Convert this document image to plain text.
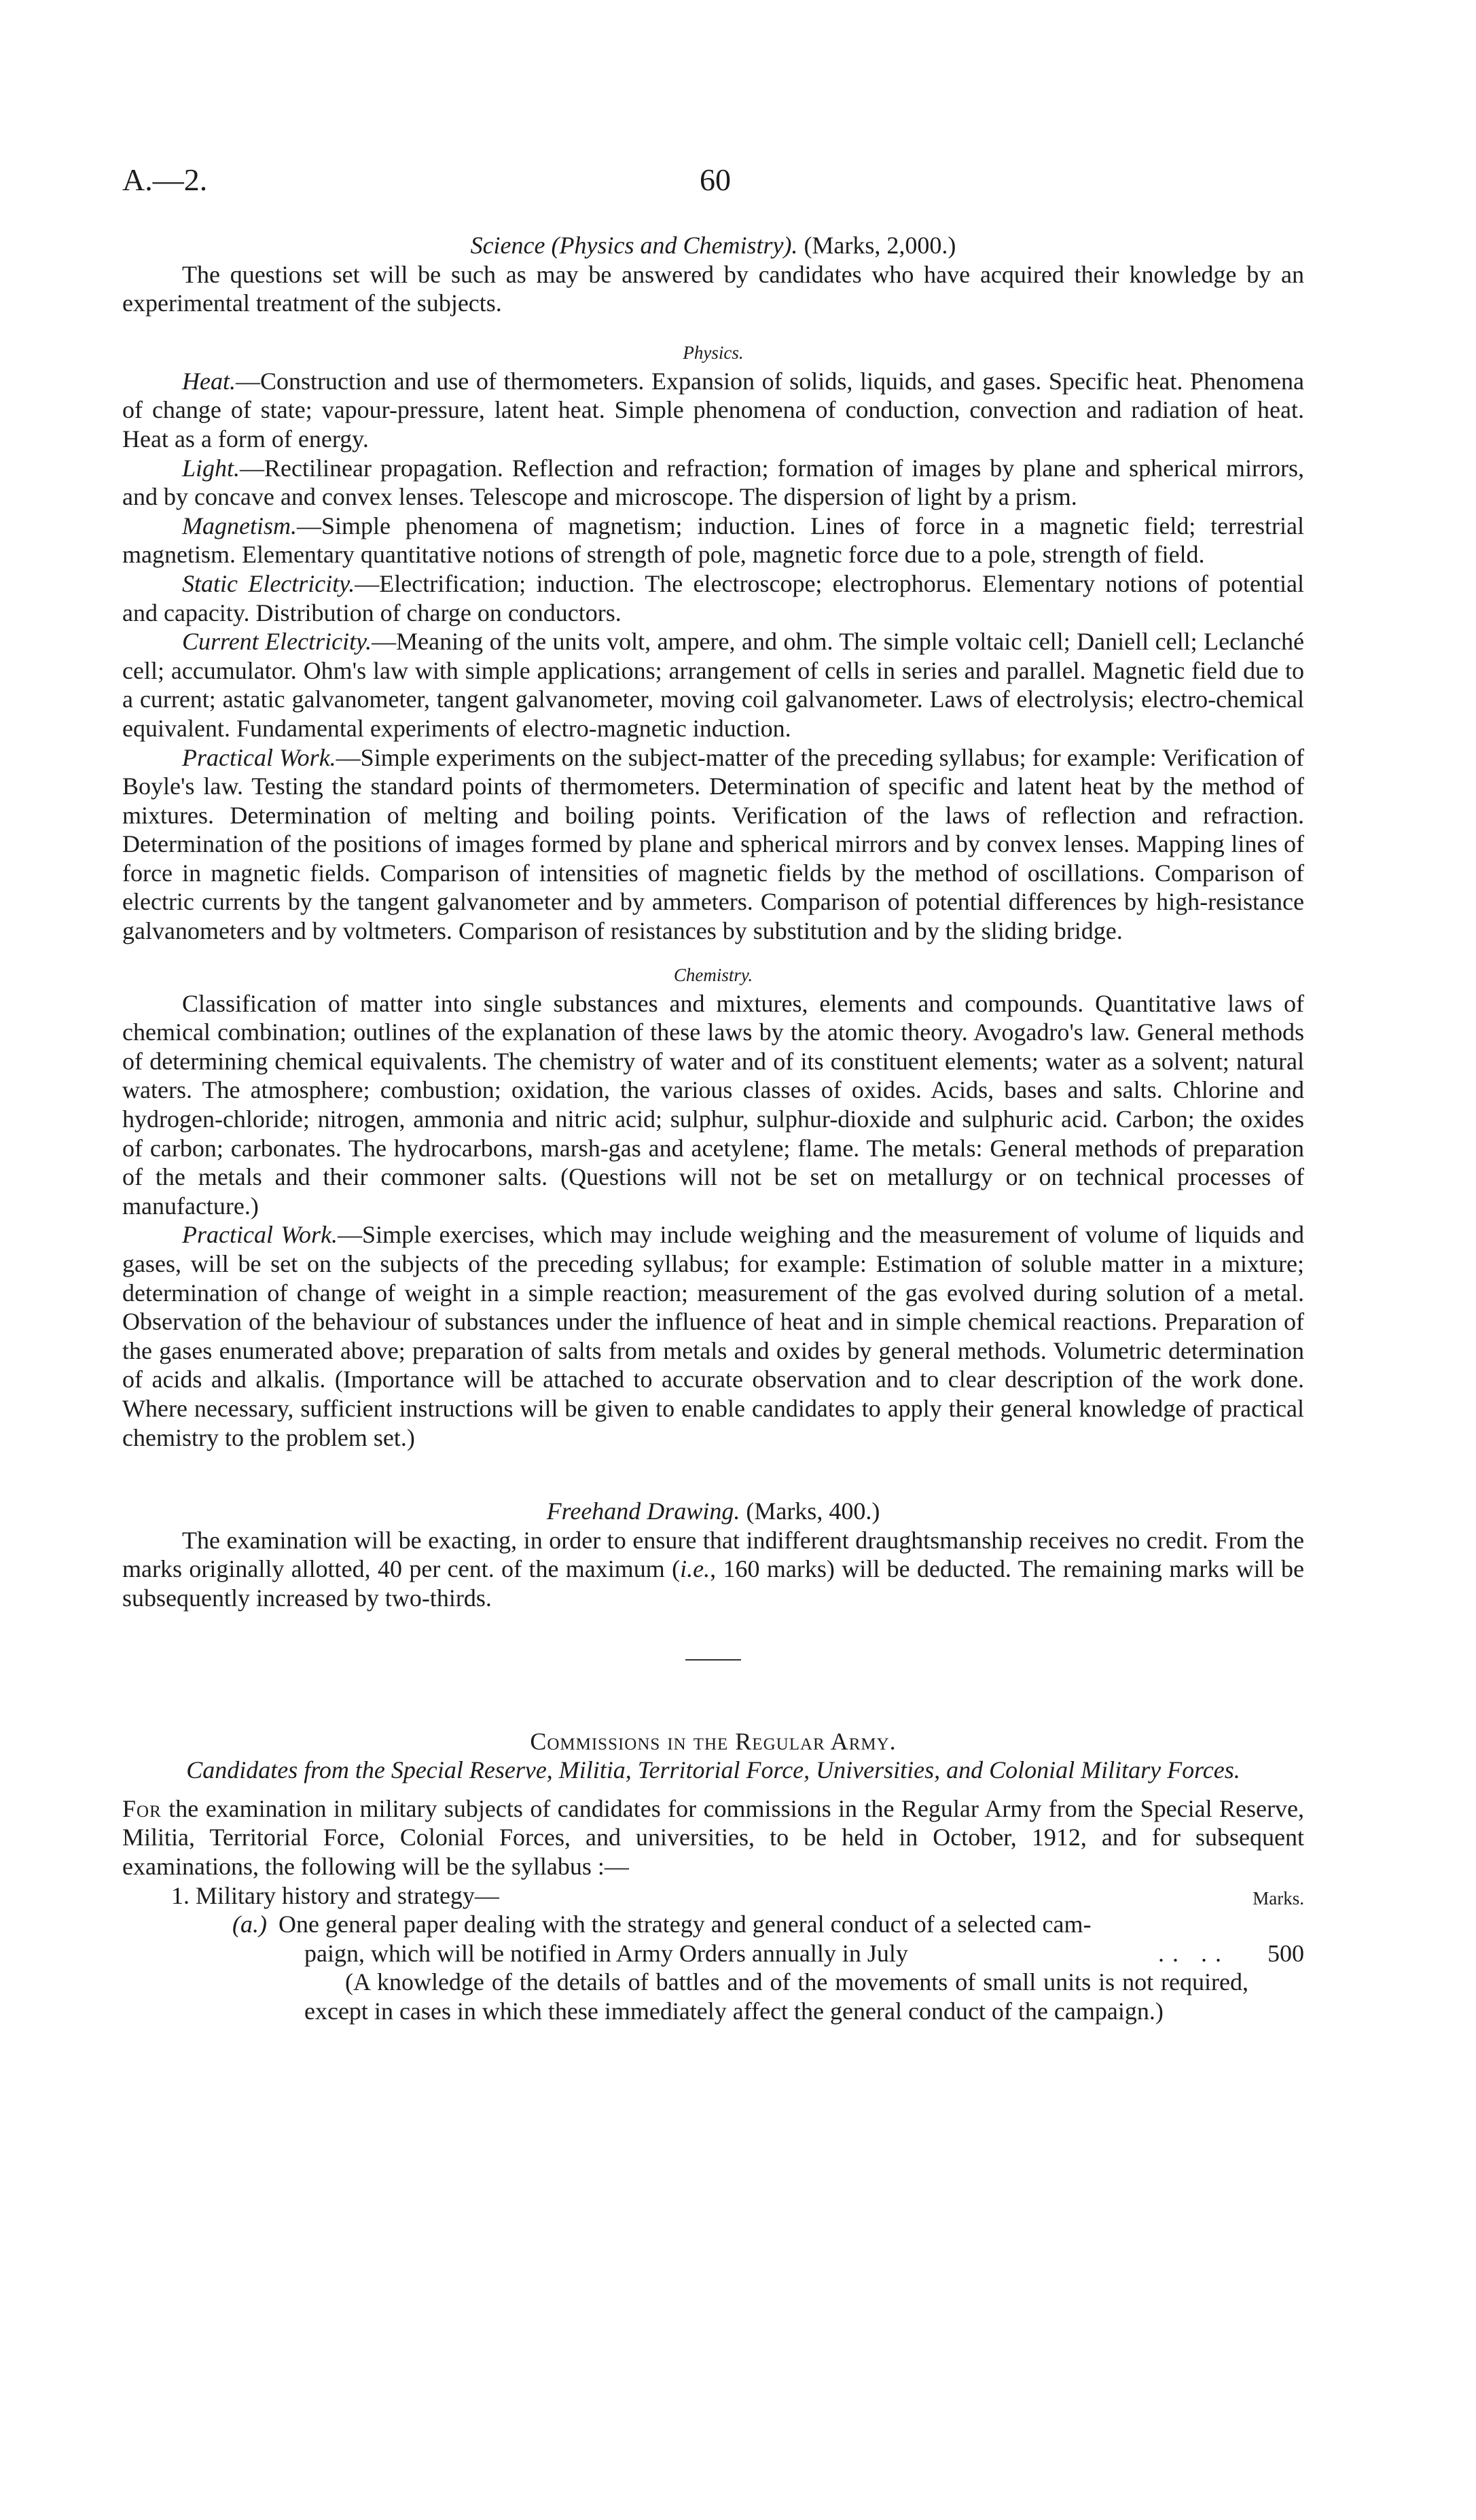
A.—2.	60
Science (Physics and Chemistry). (Marks, 2,000.)

The questions set will be such as may be answered by candidates who have acquired their knowledge by an experimental treatment of the subjects.

Physics.

Heat.—Construction and use of thermometers. Expansion of solids, liquids, and gases. Specific heat. Phenomena of change of state; vapour-pressure, latent heat. Simple phenomena of conduction, convection and radiation of heat. Heat as a form of energy.

Light.—Rectilinear propagation. Reflection and refraction; formation of images by plane and spherical mirrors, and by concave and convex lenses. Telescope and microscope. The dispersion of light by a prism.

Magnetism.—Simple phenomena of magnetism; induction. Lines of force in a magnetic field; terrestrial magnetism. Elementary quantitative notions of strength of pole, magnetic force due to a pole, strength of field.

Static Electricity.—Electrification; induction. The electroscope; electrophorus. Elementary notions of potential and capacity. Distribution of charge on conductors.

Current Electricity.—Meaning of the units volt, ampere, and ohm. The simple voltaic cell; Daniell cell; Leclanché cell; accumulator. Ohm's law with simple applications; arrangement of cells in series and parallel. Magnetic field due to a current; astatic galvanometer, tangent galvanometer, moving coil galvanometer. Laws of electrolysis; electro-chemical equivalent. Fundamental experiments of electro-magnetic induction.

Practical Work.—Simple experiments on the subject-matter of the preceding syllabus; for example: Verification of Boyle's law. Testing the standard points of thermometers. Determination of specific and latent heat by the method of mixtures. Determination of melting and boiling points. Verification of the laws of reflection and refraction. Determination of the positions of images formed by plane and spherical mirrors and by convex lenses. Mapping lines of force in magnetic fields. Comparison of intensities of magnetic fields by the method of oscillations. Comparison of electric currents by the tangent galvanometer and by ammeters. Comparison of potential differences by high-resistance galvanometers and by voltmeters. Comparison of resistances by substitution and by the sliding bridge.

Chemistry.

Classification of matter into single substances and mixtures, elements and compounds. Quantitative laws of chemical combination; outlines of the explanation of these laws by the atomic theory. Avogadro's law. General methods of determining chemical equivalents. The chemistry of water and of its constituent elements; water as a solvent; natural waters. The atmosphere; combustion; oxidation, the various classes of oxides. Acids, bases and salts. Chlorine and hydrogen-chloride; nitrogen, ammonia and nitric acid; sulphur, sulphur-dioxide and sulphuric acid. Carbon; the oxides of carbon; carbonates. The hydrocarbons, marsh-gas and acetylene; flame. The metals: General methods of preparation of the metals and their commoner salts. (Questions will not be set on metallurgy or on technical processes of manufacture.)

Practical Work.—Simple exercises, which may include weighing and the measurement of volume of liquids and gases, will be set on the subjects of the preceding syllabus; for example: Estimation of soluble matter in a mixture; determination of change of weight in a simple reaction; measurement of the gas evolved during solution of a metal. Observation of the behaviour of substances under the influence of heat and in simple chemical reactions. Preparation of the gases enumerated above; preparation of salts from metals and oxides by general methods. Volumetric determination of acids and alkalis. (Importance will be attached to accurate observation and to clear description of the work done. Where necessary, sufficient instructions will be given to enable candidates to apply their general knowledge of practical chemistry to the problem set.)

Freehand Drawing. (Marks, 400.)

The examination will be exacting, in order to ensure that indifferent draughtsmanship receives no credit. From the marks originally allotted, 40 per cent. of the maximum (i.e., 160 marks) will be deducted. The remaining marks will be subsequently increased by two-thirds.

Commissions in the Regular Army.

Candidates from the Special Reserve, Militia, Territorial Force, Universities, and Colonial Military Forces.

For the examination in military subjects of candidates for commissions in the Regular Army from the Special Reserve, Militia, Territorial Force, Colonial Forces, and universities, to be held in October, 1912, and for subsequent examinations, the following will be the syllabus :—

1. Military history and strategy—	Marks.
(a.) One general paper dealing with the strategy and general conduct of a selected cam-
paign, which will be notified in Army Orders annually in July	.. .. 500

(A knowledge of the details of battles and of the movements of small units is not required, except in cases in which these immediately affect the general conduct of the campaign.)
